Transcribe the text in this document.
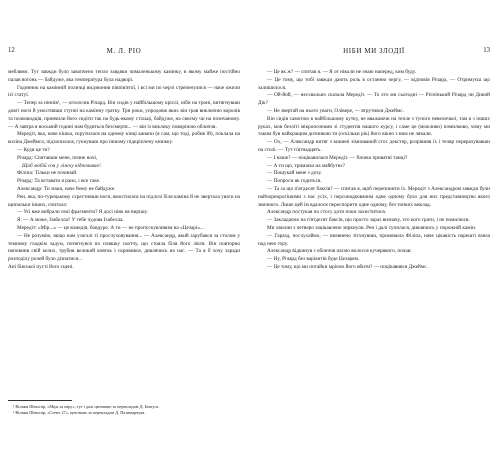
12	М. Л. РІО

меблями. Тут завжди було закопчено тепло завдяки чималенькому камінку, в якому майже постійно палав вогонь — байдуже, яка температура була надворі.

Годинник на камінній поличці видзвонив півпів'ятої, і всі ми по черзі стрепенулися — наче ожили ієї статуї.

— Тепер за ніннів¹, — оголосив Річард. Він сидів у найбільшому кріслі, ніби на троні, витягнувши довгі ноги й умостивши ступні на камінну гратку. Три роки, упродовж яких він грав виключно королів та полководців, привчили його сидіти так на будь-якому стільці, байдуже, на своєму чи на позичаному. — А завтра я восьмий годині нам будиться безсмертя... — він із виклику поворіною обличчя.

Мередіт, яка, наче кішка, скрутилася на одному кінці канапи (я сам, що тоді, робив їй), поклала на коліна Джеймса, підхопилася, гукнувши про іншому підкріплену книжку.

— Куди це ти?

Річард: Спитавши мене, почне ночі,

Щоб любій сон у ліжку відпочивав².

Філіпа: Тільки не починай.

Річард: Та вставати я рано, і все таке.

Александр: Ти знаш, наче йому не байдуже.

Рен, яка, по-турецькому схрестивши ноги, вмостилася на підлозі біля каміна й не звертала уваги на щипальки інших, спитала:

— Усі вже вибрали свої фрагменти? Я досі ніяк не вирішу.

Я: — А може, Ізабелла? У тебе чудова Ізабелла.

Мередіт: «Мір...» — це комедія, бовдуре. А ти — не пропускувливим на «Цезарі»...

— Не розумію, якщо нам узагалі ті прослуховування... — Александр, який зарубався за столом у темному гладкім задум, потягнувся по пляшку скотчу, що стояла біля його ліктя. Він повторно наповнив свій келих, трубив великий ковток і скривився, дивлячись на нас. — Та я б хочу заради розподілу ролей було дізнатися...

Ані бівської пусті його сцені.

¹ Вільям Шекспір, «Міра за міру», тут і далі цитовано за перекладом Д. Бекіуса.

² Вільям Шекспір, «Сонет 27», цитовано за перекладом Д. Паламарчука.

НІБИ МИ ЗЛОДІЇ	13

— Це як ж? — спитав я. — Я от ніколи не знаю наперед, ким буду.

— Це тому, що тобі завжди дають роль в останню чергу, — відповів Річард. — Отримуєш що залишилося.

— Ой-йой, — несхвально сказала Мередіт. — То хто ми сьогодні — Річчінький Річард чи Дикий Дік?

— Не звертай на нього уваги, Олівере, — втрутився Джеймс.

Він сидів самотою в найбільшому кутку, не вважаючи на тепле з тупого невеличкої, там я з інших руках, мов безліті мікропознами зі студентів нашого курсу, і саме це (можливо) помилково, чому ми таким був найкращим дитинкою ти (оскільки рік) його вікно з ним не лякали.

— Ох, — Александр витяг з кишені зімнований стос декстер, розрівняв їх і теляр перерахувавши на столі. — Тут п'ятнадцять.

— І наше? — поцікавилася Мередіт. — Хочеш приватні танці?

— А ти що, тримаєш на майбутнє?

— Пошукай мене з дозу.

— Попроси як годиться.

— Та за що п'ятдесят баксів? — спитав я, щоб перепинити їх. Мередіт з Александром завжди були найчорнорогішими з нас усіх, і персонадкованим одне одному було для них представництво якого звичного. Лише цей їм вдалося переспорити одне одному, без тонких виклад.

Александр постукав по стосу доти поки захиститися.

— Закладаємо на п'ятдесят баксів, що просто зараз визначу, хто кого грати, і не помилюся.

Ми хвилин з четверо зацікавлено зиркнули. Рен і далі супилася, дивлячись у порожній камін.

— Гаразд, послухаймо, — впевнено зітхнувши, промовила Філіпа, наче цікавість нарешті взяла над нею гору.

Александр відкинув з обличчя пасмо волосся кучерявого, почав:

— Ну, Річард без варіантів буде Цезарем.

— Це тому, що ми потайки мріємо його вбити? — поцікавився Джеймс.
